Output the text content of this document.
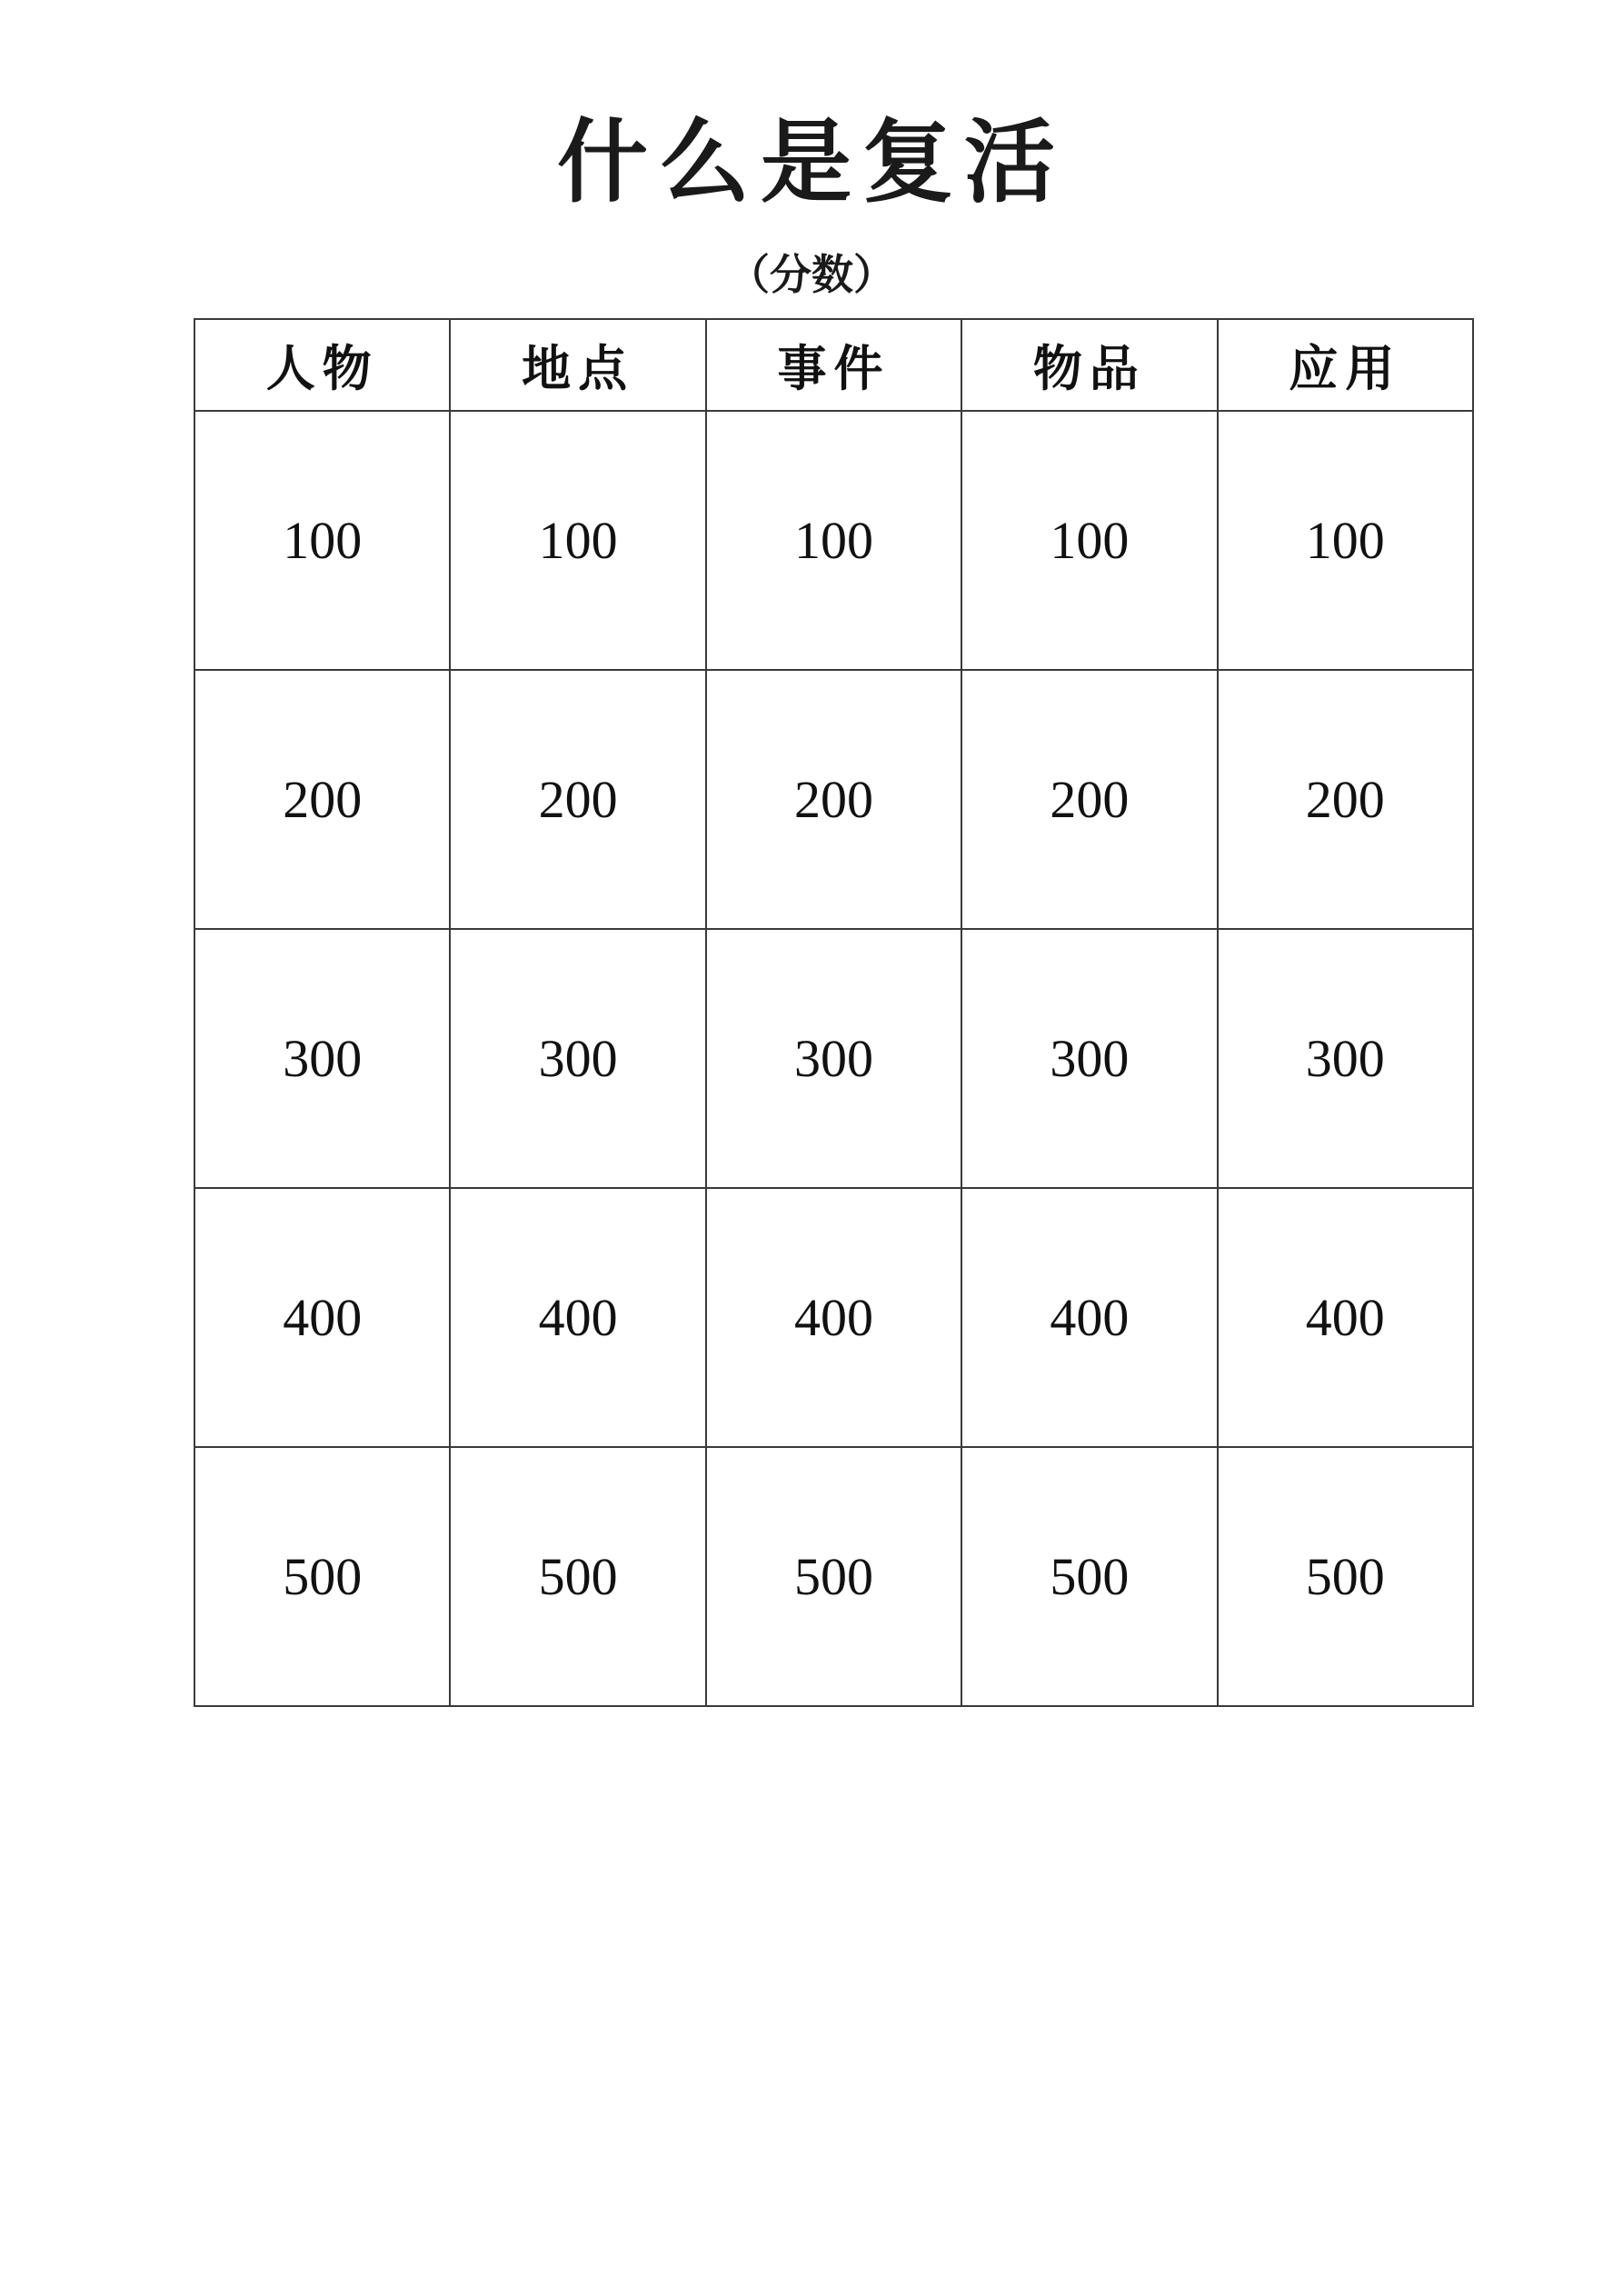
什么是复活
（分数）
人物	地点	事件	物品	应用
100	100	100	100	100
200	200	200	200	200
300	300	300	300	300
400	400	400	400	400
500	500	500	500	500
